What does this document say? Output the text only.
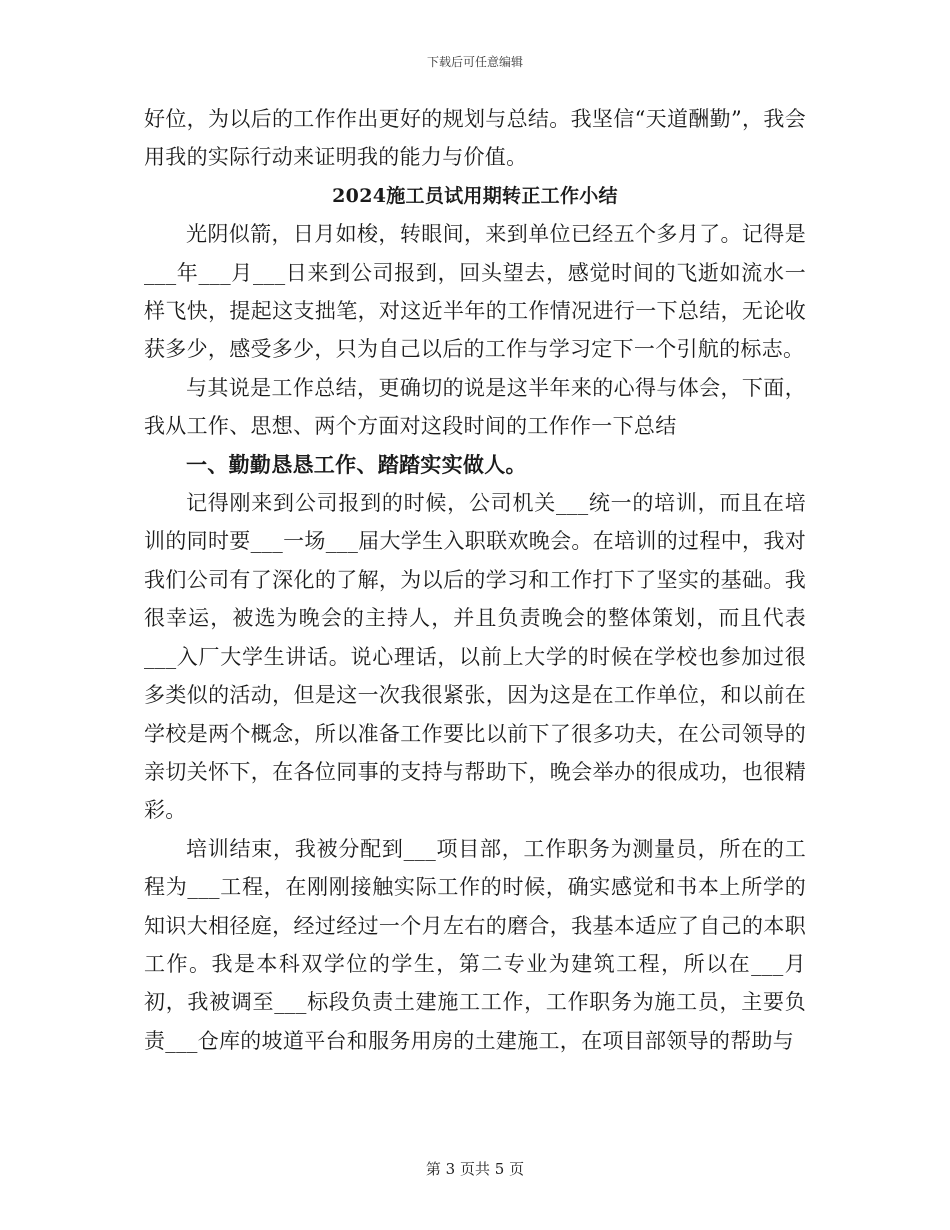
下载后可任意编辑

好位，为以后的工作作出更好的规划与总结。我坚信“天道酬勤”，我会用我的实际行动来证明我的能力与价值。

2024施工员试用期转正工作小结

光阴似箭，日月如梭，转眼间，来到单位已经五个多月了。记得是___年___月___日来到公司报到，回头望去，感觉时间的飞逝如流水一样飞快，提起这支拙笔，对这近半年的工作情况进行一下总结，无论收获多少，感受多少，只为自己以后的工作与学习定下一个引航的标志。

与其说是工作总结，更确切的说是这半年来的心得与体会，下面，我从工作、思想、两个方面对这段时间的工作作一下总结

一、勤勤恳恳工作、踏踏实实做人。

记得刚来到公司报到的时候，公司机关___统一的培训，而且在培训的同时要___一场___届大学生入职联欢晚会。在培训的过程中，我对我们公司有了深化的了解，为以后的学习和工作打下了坚实的基础。我很幸运，被选为晚会的主持人，并且负责晚会的整体策划，而且代表___入厂大学生讲话。说心理话，以前上大学的时候在学校也参加过很多类似的活动，但是这一次我很紧张，因为这是在工作单位，和以前在学校是两个概念，所以准备工作要比以前下了很多功夫，在公司领导的亲切关怀下，在各位同事的支持与帮助下，晚会举办的很成功，也很精彩。

培训结束，我被分配到___项目部，工作职务为测量员，所在的工程为___工程，在刚刚接触实际工作的时候，确实感觉和书本上所学的知识大相径庭，经过经过一个月左右的磨合，我基本适应了自己的本职工作。我是本科双学位的学生，第二专业为建筑工程，所以在___月初，我被调至___标段负责土建施工工作，工作职务为施工员，主要负责___仓库的坡道平台和服务用房的土建施工，在项目部领导的帮助与

第 3 页共 5 页
